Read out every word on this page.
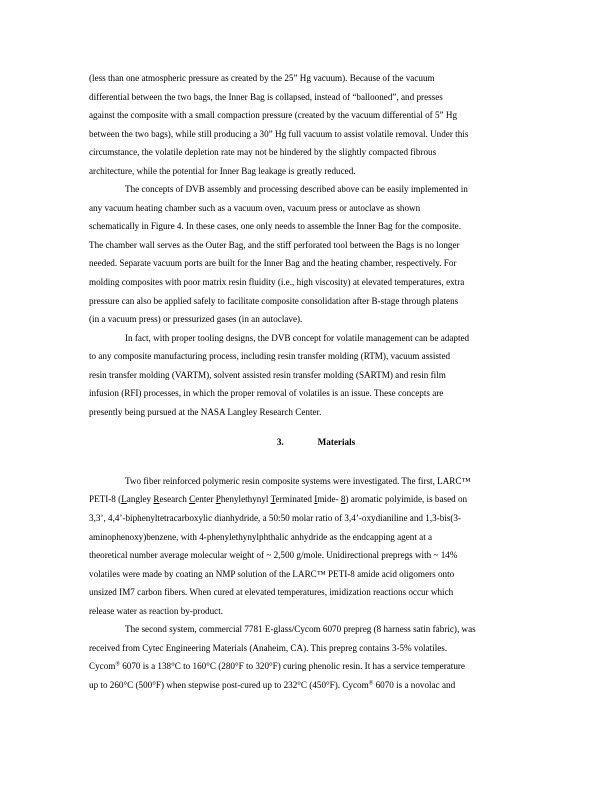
(less than one atmospheric pressure as created by the 25” Hg vacuum). Because of the vacuum
differential between the two bags, the Inner Bag is collapsed, instead of “ballooned”, and presses
against the composite with a small compaction pressure (created by the vacuum differential of 5” Hg
between the two bags), while still producing a 30” Hg full vacuum to assist volatile removal. Under this
circumstance, the volatile depletion rate may not be hindered by the slightly compacted fibrous
architecture, while the potential for Inner Bag leakage is greatly reduced.
The concepts of DVB assembly and processing described above can be easily implemented in
any vacuum heating chamber such as a vacuum oven, vacuum press or autoclave as shown
schematically in Figure 4. In these cases, one only needs to assemble the Inner Bag for the composite.
The chamber wall serves as the Outer Bag, and the stiff perforated tool between the Bags is no longer
needed. Separate vacuum ports are built for the Inner Bag and the heating chamber, respectively. For
molding composites with poor matrix resin fluidity (i.e., high viscosity) at elevated temperatures, extra
pressure can also be applied safely to facilitate composite consolidation after B-stage through platens
(in a vacuum press) or pressurized gases (in an autoclave).
In fact, with proper tooling designs, the DVB concept for volatile management can be adapted
to any composite manufacturing process, including resin transfer molding (RTM), vacuum assisted
resin transfer molding (VARTM), solvent assisted resin transfer molding (SARTM) and resin film
infusion (RFI) processes, in which the proper removal of volatiles is an issue. These concepts are
presently being pursued at the NASA Langley Research Center.
3.	Materials
Two fiber reinforced polymeric resin composite systems were investigated. The first, LARC™
PETI-8 (Langley Research Center Phenylethynyl Terminated Imide- 8) aromatic polyimide, is based on
3,3’, 4,4’-biphenyltetracarboxylic dianhydride, a 50:50 molar ratio of 3,4’-oxydianiline and 1,3-bis(3-
aminophenoxy)benzene, with 4-phenylethynylphthalic anhydride as the endcapping agent at a
theoretical number average molecular weight of ~ 2,500 g/mole. Unidirectional prepregs with ~ 14%
volatiles were made by coating an NMP solution of the LARC™ PETI-8 amide acid oligomers onto
unsized IM7 carbon fibers. When cured at elevated temperatures, imidization reactions occur which
release water as reaction by-product.
The second system, commercial 7781 E-glass/Cycom 6070 prepreg (8 harness satin fabric), was
received from Cytec Engineering Materials (Anaheim, CA). This prepreg contains 3-5% volatiles.
Cycom® 6070 is a 138°C to 160°C (280°F to 320°F) curing phenolic resin. It has a service temperature
up to 260°C (500°F) when stepwise post-cured up to 232°C (450°F). Cycom® 6070 is a novolac and
